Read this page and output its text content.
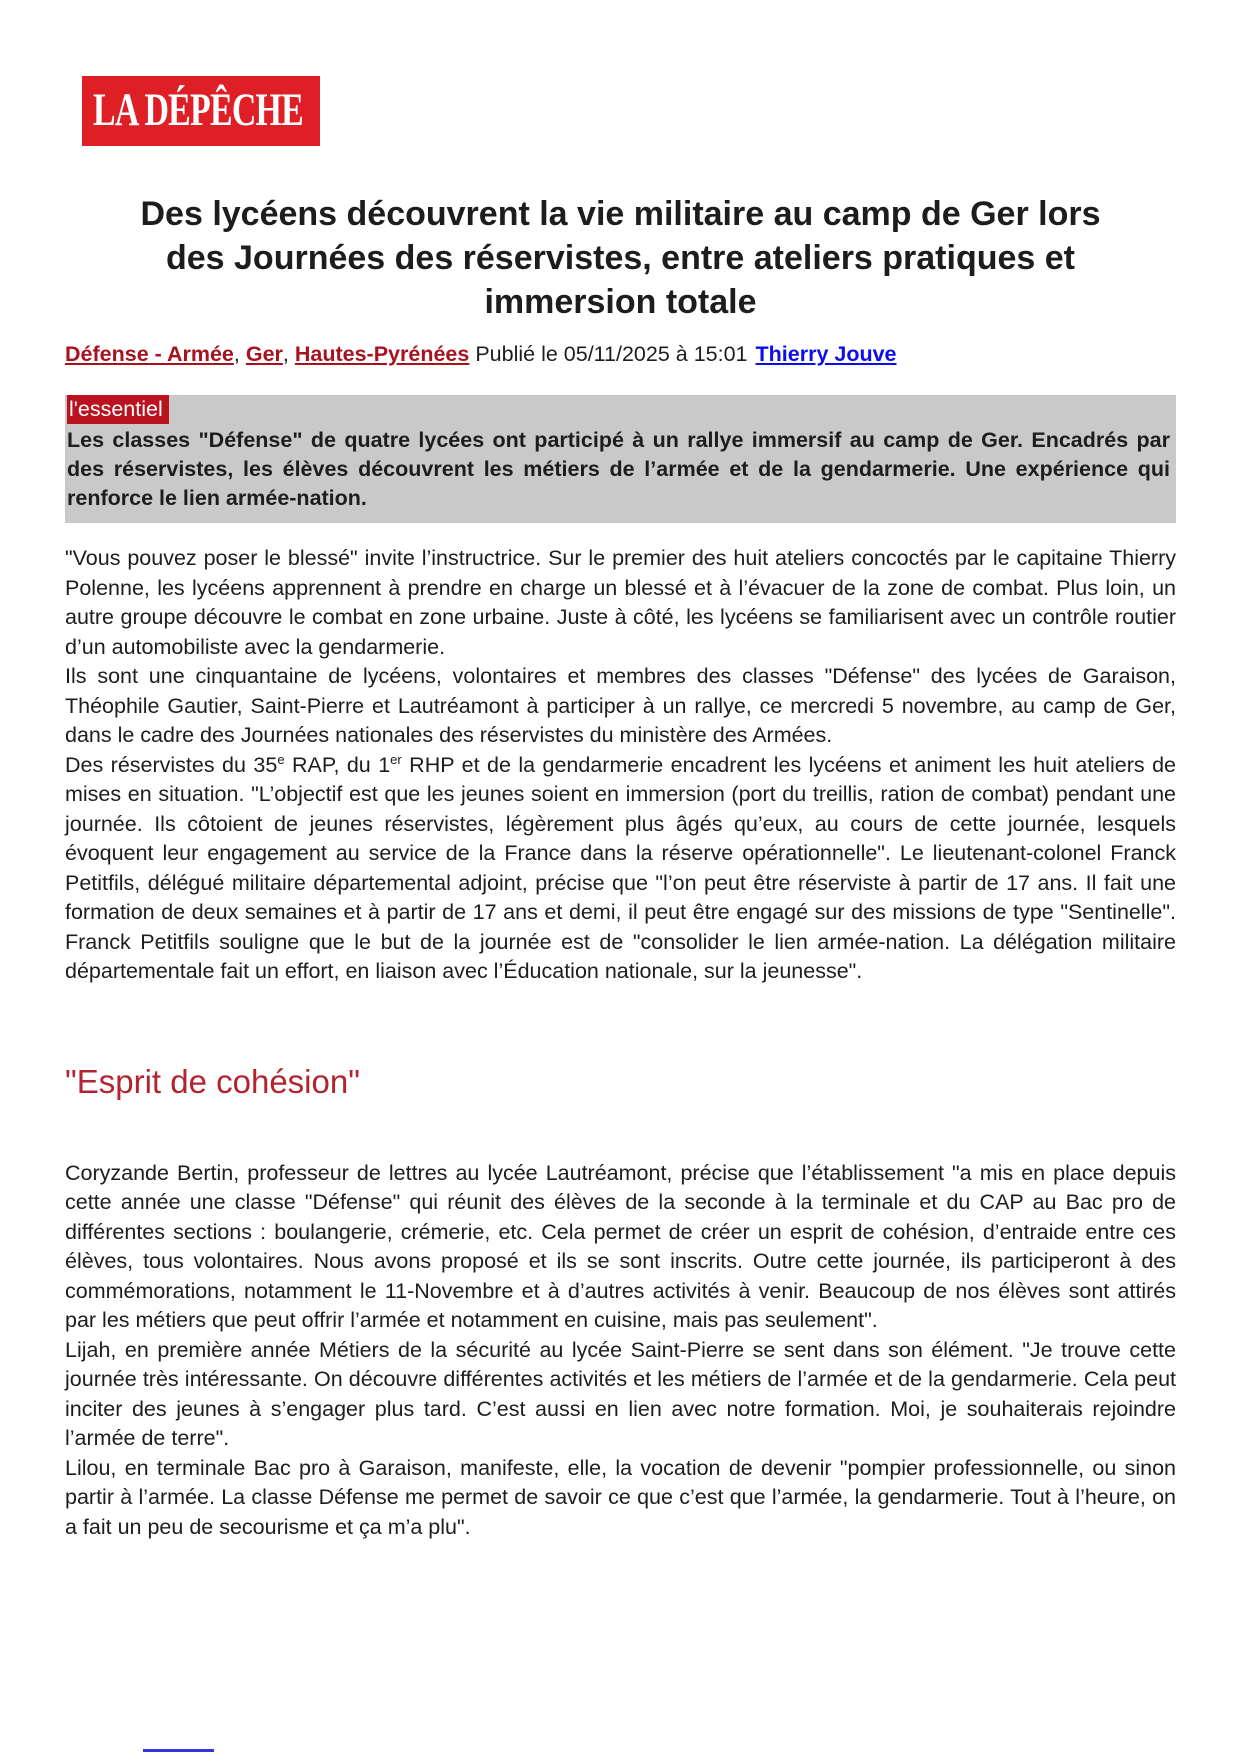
LA DÉPÊCHE
Des lycéens découvrent la vie militaire au camp de Ger lors
des Journées des réservistes, entre ateliers pratiques et
immersion totale
Défense - Armée, Ger, Hautes-Pyrénées Publié le 05/11/2025 à 15:01 Thierry Jouve
l'essentiel

Les classes "Défense" de quatre lycées ont participé à un rallye immersif au camp de Ger. Encadrés par des réservistes, les élèves découvrent les métiers de l’armée et de la gendarmerie. Une expérience qui renforce le lien armée-nation.

"Vous pouvez poser le blessé" invite l’instructrice. Sur le premier des huit ateliers concoctés par le capitaine Thierry Polenne, les lycéens apprennent à prendre en charge un blessé et à l’évacuer de la zone de combat. Plus loin, un autre groupe découvre le combat en zone urbaine. Juste à côté, les lycéens se familiarisent avec un contrôle routier d’un automobiliste avec la gendarmerie.

Ils sont une cinquantaine de lycéens, volontaires et membres des classes "Défense" des lycées de Garaison, Théophile Gautier, Saint-Pierre et Lautréamont à participer à un rallye, ce mercredi 5 novembre, au camp de Ger, dans le cadre des Journées nationales des réservistes du ministère des Armées.

Des réservistes du 35e RAP, du 1er RHP et de la gendarmerie encadrent les lycéens et animent les huit ateliers de mises en situation. "L’objectif est que les jeunes soient en immersion (port du treillis, ration de combat) pendant une journée. Ils côtoient de jeunes réservistes, légèrement plus âgés qu’eux, au cours de cette journée, lesquels évoquent leur engagement au service de la France dans la réserve opérationnelle". Le lieutenant-colonel Franck Petitfils, délégué militaire départemental adjoint, précise que "l’on peut être réserviste à partir de 17 ans. Il fait une formation de deux semaines et à partir de 17 ans et demi, il peut être engagé sur des missions de type "Sentinelle". Franck Petitfils souligne que le but de la journée est de "consolider le lien armée-nation. La délégation militaire départementale fait un effort, en liaison avec l’Éducation nationale, sur la jeunesse".

"Esprit de cohésion"

Coryzande Bertin, professeur de lettres au lycée Lautréamont, précise que l’établissement "a mis en place depuis cette année une classe "Défense" qui réunit des élèves de la seconde à la terminale et du CAP au Bac pro de différentes sections : boulangerie, crémerie, etc. Cela permet de créer un esprit de cohésion, d’entraide entre ces élèves, tous volontaires. Nous avons proposé et ils se sont inscrits. Outre cette journée, ils participeront à des commémorations, notamment le 11-Novembre et à d’autres activités à venir. Beaucoup de nos élèves sont attirés par les métiers que peut offrir l’armée et notamment en cuisine, mais pas seulement".

Lijah, en première année Métiers de la sécurité au lycée Saint-Pierre se sent dans son élément. "Je trouve cette journée très intéressante. On découvre différentes activités et les métiers de l’armée et de la gendarmerie. Cela peut inciter des jeunes à s’engager plus tard. C’est aussi en lien avec notre formation. Moi, je souhaiterais rejoindre l’armée de terre".

Lilou, en terminale Bac pro à Garaison, manifeste, elle, la vocation de devenir "pompier professionnelle, ou sinon partir à l’armée. La classe Défense me permet de savoir ce que c’est que l’armée, la gendarmerie. Tout à l’heure, on a fait un peu de secourisme et ça m’a plu".
